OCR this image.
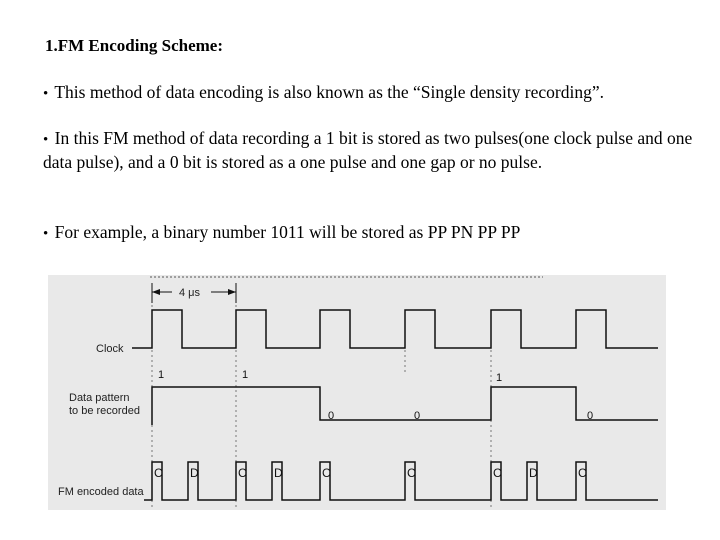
1.FM Encoding Scheme:
• This method of data encoding is also known as the “Single density recording”.
• In this FM method of data recording a 1 bit is stored as two pulses(one clock pulse and one data pulse), and a 0 bit is stored as a one pulse and one gap or no pulse.
• For example, a binary number 1011 will be stored as PP PN PP PP
4 μs
Clock
Data pattern
to be recorded
1	1
0	0
1
0
FM encoded data
C D	C D	C	C	C D	C
